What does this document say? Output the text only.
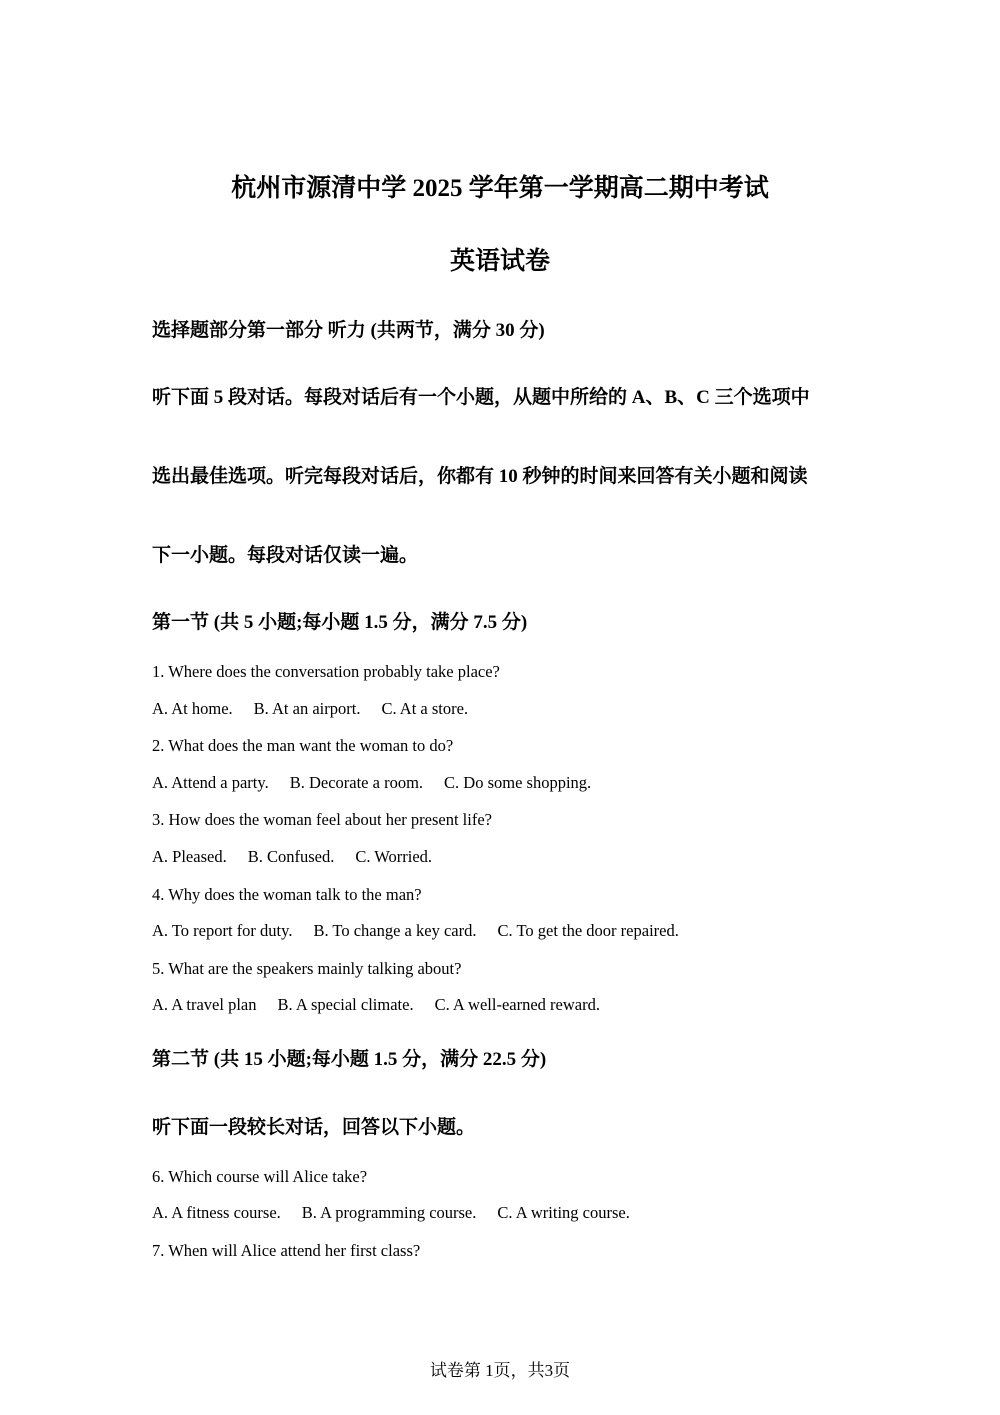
杭州市源清中学 2025 学年第一学期高二期中考试
英语试卷
选择题部分第一部分 听力 (共两节，满分 30 分)
听下面 5 段对话。每段对话后有一个小题，从题中所给的 A、B、C 三个选项中
选出最佳选项。听完每段对话后，你都有 10 秒钟的时间来回答有关小题和阅读
下一小题。每段对话仅读一遍。
第一节 (共 5 小题;每小题 1.5 分，满分 7.5 分)
1. Where does the conversation probably take place?
A. At home. B. At an airport. C. At a store.
2. What does the man want the woman to do?
A. Attend a party. B. Decorate a room. C. Do some shopping.
3. How does the woman feel about her present life?
A. Pleased. B. Confused. C. Worried.
4. Why does the woman talk to the man?
A. To report for duty. B. To change a key card. C. To get the door repaired.
5. What are the speakers mainly talking about?
A. A travel plan B. A special climate. C. A well-earned reward.
第二节 (共 15 小题;每小题 1.5 分，满分 22.5 分)
听下面一段较长对话，回答以下小题。
6. Which course will Alice take?
A. A fitness course. B. A programming course. C. A writing course.
7. When will Alice attend her first class?
试卷第 1页，共3页
